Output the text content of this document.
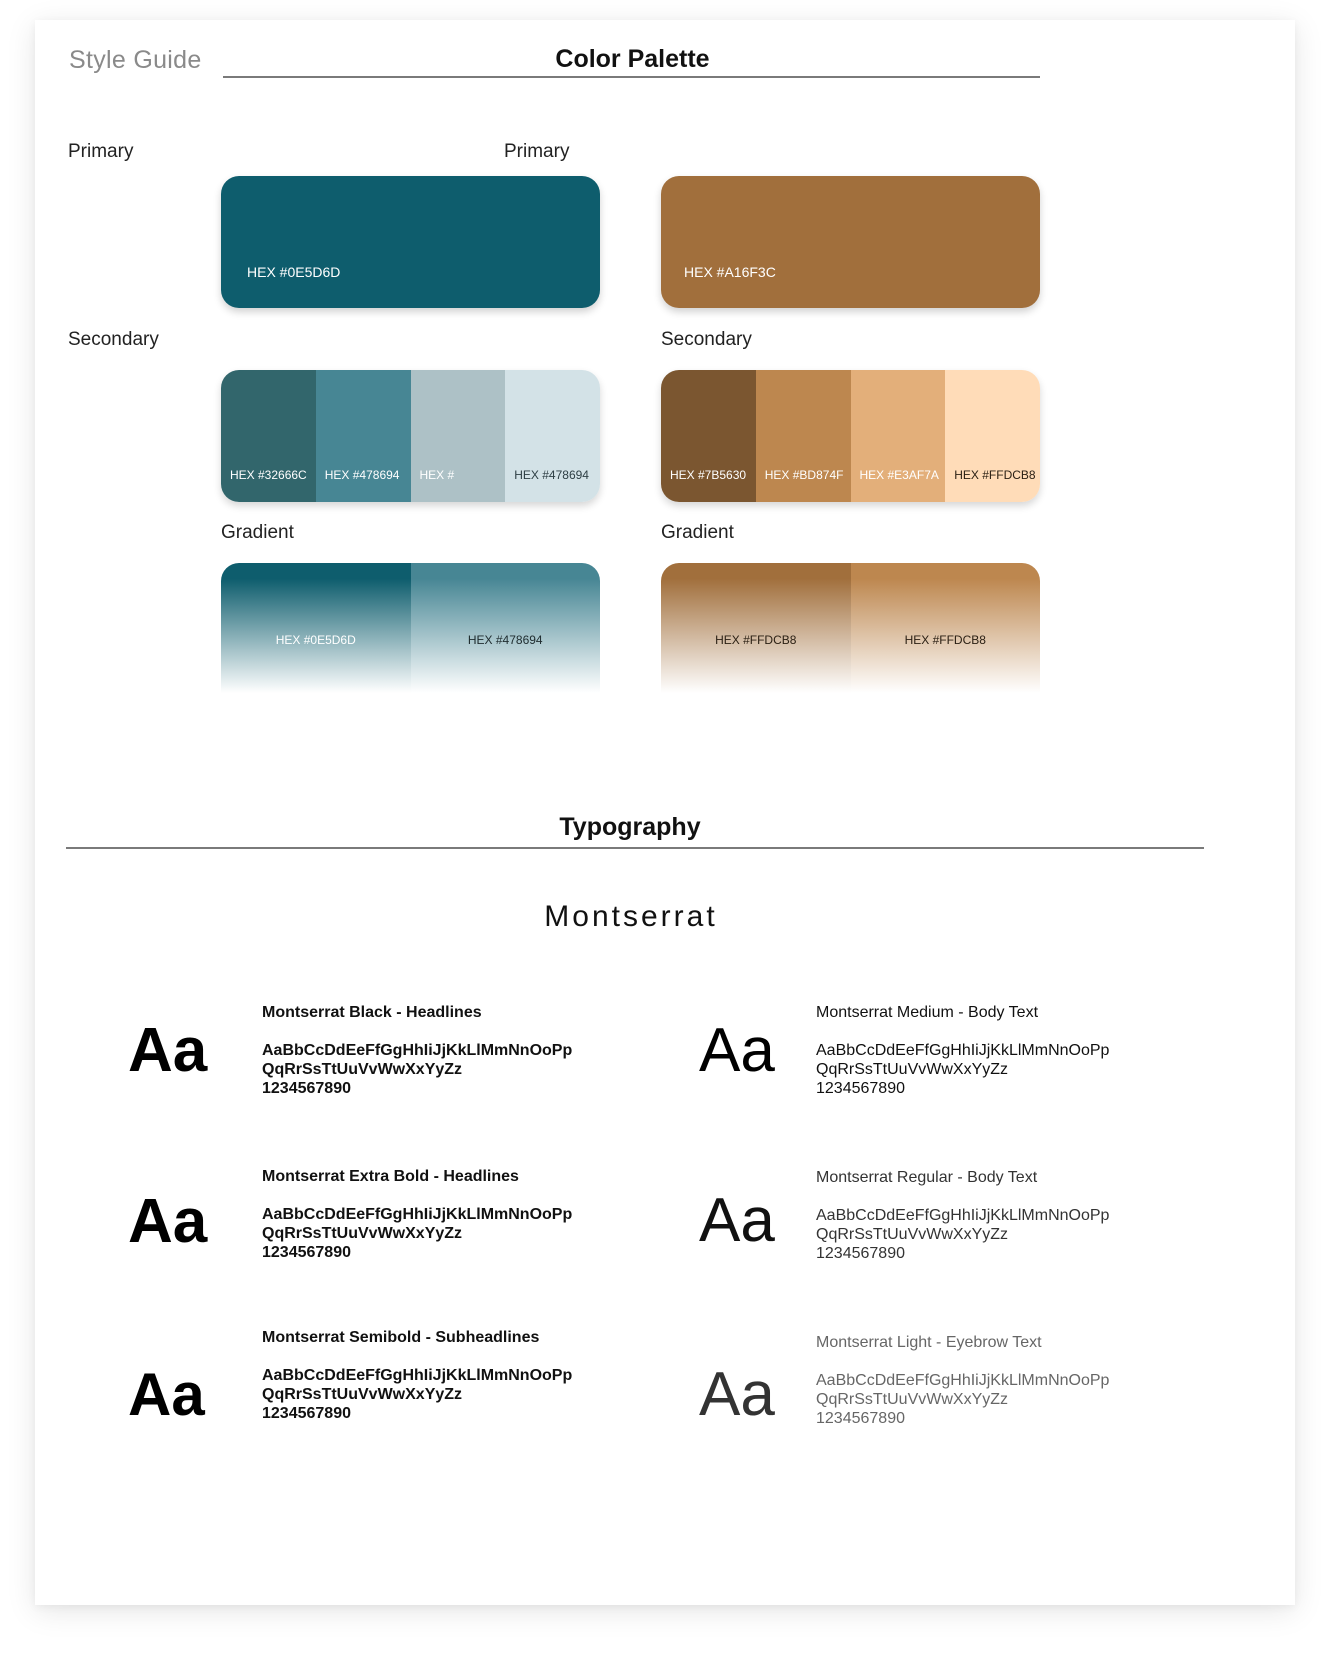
Style Guide	Color Palette
Primary
HEX #0E5D6D
Secondary
HEX #32666C HEX #478694 HEX #	HEX #478694
Gradient
HEX #0E5D6D	HEX #478694
Primary
HEX #A16F3C
Secondary
HEX #7B5630 HEX #BD874F HEX #E3AF7A HEX #FFDCB8
Gradient
HEX #FFDCB8	HEX #FFDCB8
Typography
Montserrat
Aa
Montserrat Black - Headlines
AaBbCcDdEeFfGgHhIiJjKkLlMmNnOoPp
QqRrSsTtUuVvWwXxYyZz
1234567890
Aa
Montserrat Extra Bold - Headlines
AaBbCcDdEeFfGgHhIiJjKkLlMmNnOoPp
QqRrSsTtUuVvWwXxYyZz
1234567890
Aa
Montserrat Semibold - Subheadlines
AaBbCcDdEeFfGgHhIiJjKkLlMmNnOoPp
QqRrSsTtUuVvWwXxYyZz
1234567890
Aa
Montserrat Medium - Body Text
AaBbCcDdEeFfGgHhIiJjKkLlMmNnOoPp
QqRrSsTtUuVvWwXxYyZz
1234567890
Aa
Montserrat Regular - Body Text
AaBbCcDdEeFfGgHhIiJjKkLlMmNnOoPp
QqRrSsTtUuVvWwXxYyZz
1234567890
Aa
Montserrat Light - Eyebrow Text
AaBbCcDdEeFfGgHhIiJjKkLlMmNnOoPp
QqRrSsTtUuVvWwXxYyZz
1234567890
